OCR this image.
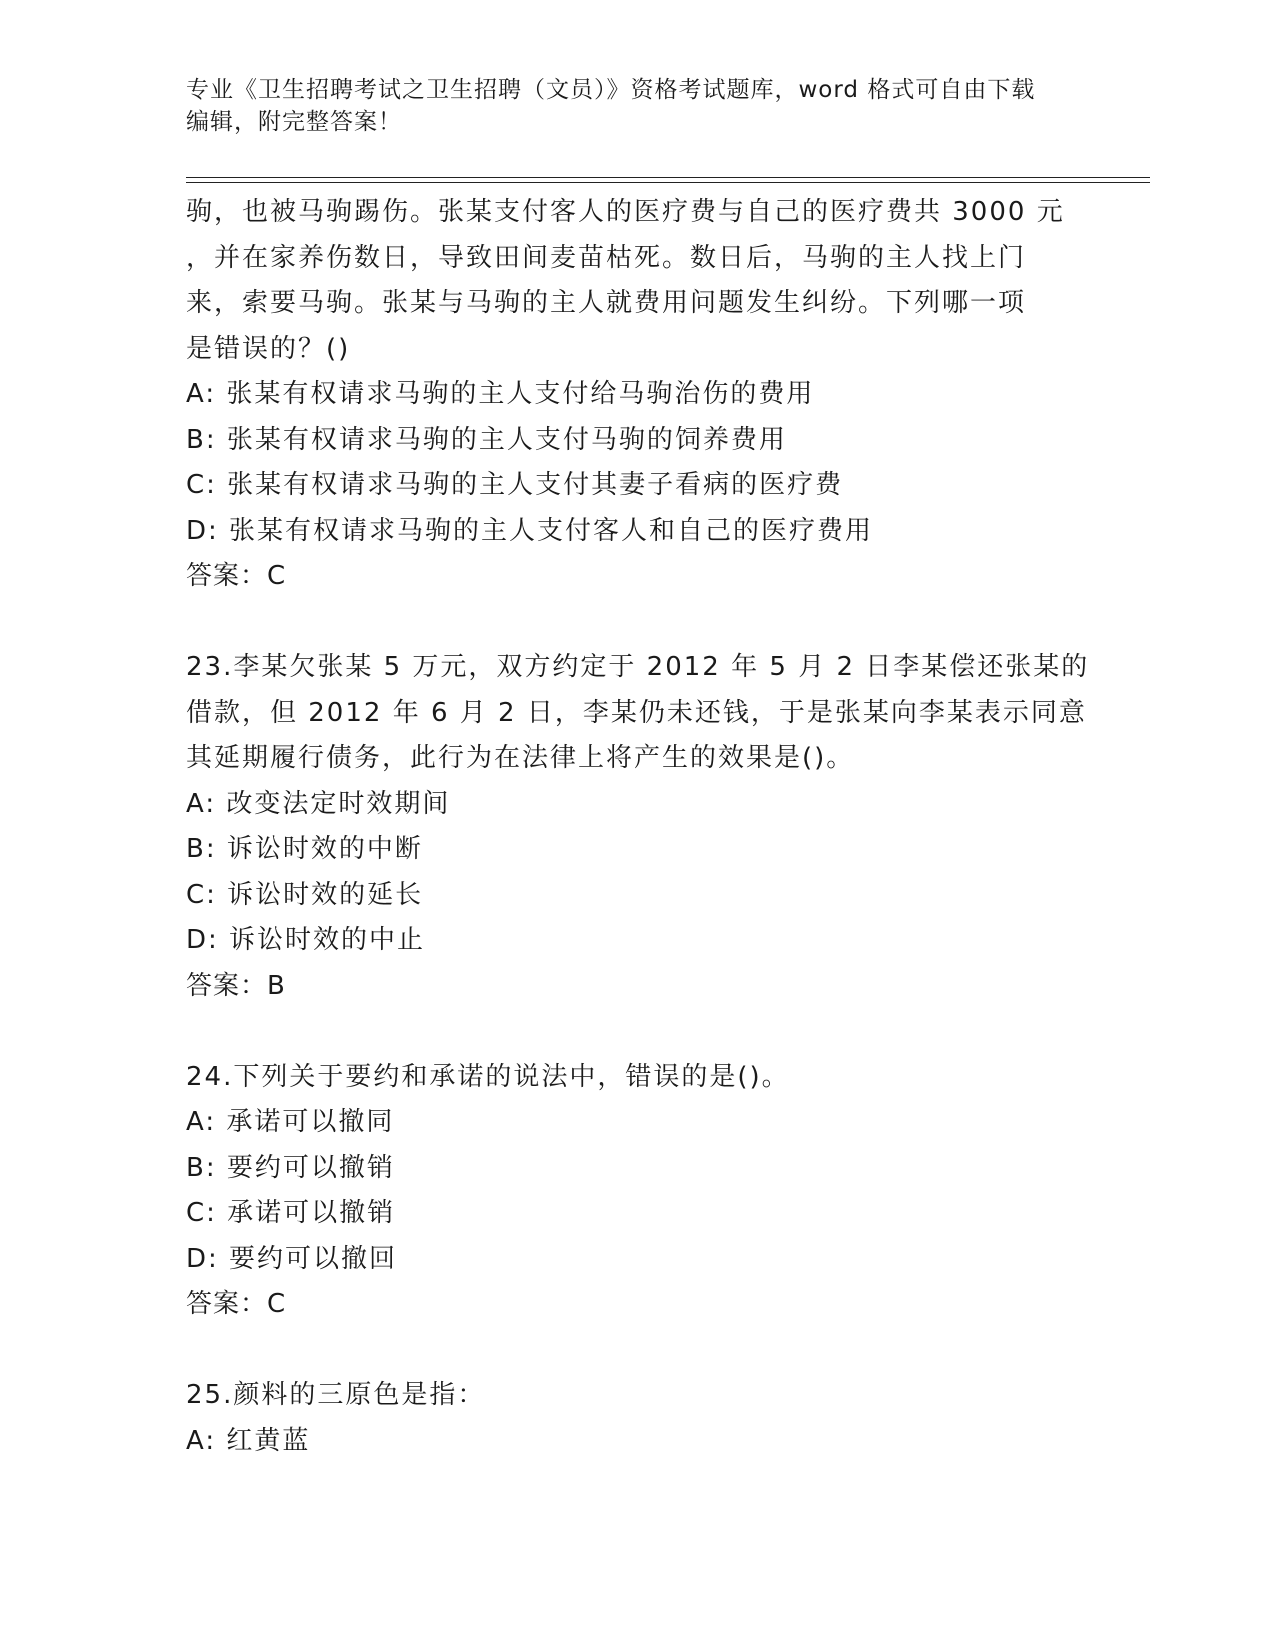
专业《卫生招聘考试之卫生招聘（文员）》资格考试题库，word 格式可自由下载
编辑，附完整答案！
驹，也被马驹踢伤。张某支付客人的医疗费与自己的医疗费共 3000 元
，并在家养伤数日，导致田间麦苗枯死。数日后，马驹的主人找上门
来，索要马驹。张某与马驹的主人就费用问题发生纠纷。下列哪一项
是错误的？()
A: 张某有权请求马驹的主人支付给马驹治伤的费用
B: 张某有权请求马驹的主人支付马驹的饲养费用
C: 张某有权请求马驹的主人支付其妻子看病的医疗费
D: 张某有权请求马驹的主人支付客人和自己的医疗费用
答案：C
23.李某欠张某 5 万元，双方约定于 2012 年 5 月 2 日李某偿还张某的
借款，但 2012 年 6 月 2 日，李某仍未还钱，于是张某向李某表示同意
其延期履行债务，此行为在法律上将产生的效果是()。
A: 改变法定时效期间
B: 诉讼时效的中断
C: 诉讼时效的延长
D: 诉讼时效的中止
答案：B
24.下列关于要约和承诺的说法中，错误的是()。
A: 承诺可以撤同
B: 要约可以撤销
C: 承诺可以撤销
D: 要约可以撤回
答案：C
25.颜料的三原色是指：
A: 红黄蓝
